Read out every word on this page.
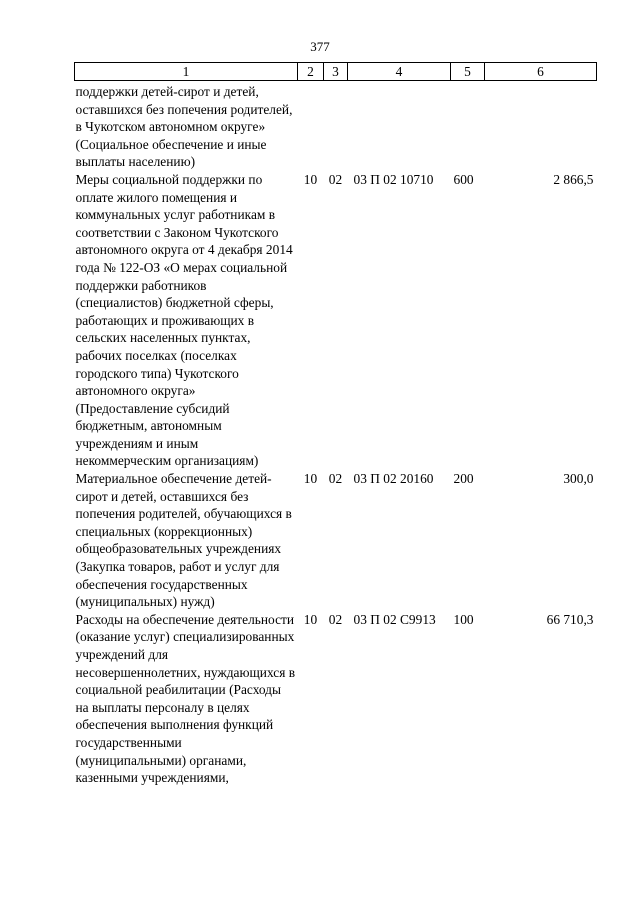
377
1	2	3	4	5	6
поддержки детей-сирот и детей, оставшихся без попечения родителей, в Чукотском автономном округе» (Социальное обеспечение и иные выплаты населению)					
Меры социальной поддержки по оплате жилого помещения и коммунальных услуг работникам в соответствии с Законом Чукотского автономного округа от 4 декабря 2014 года № 122-ОЗ «О мерах социальной поддержки работников (специалистов) бюджетной сферы, работающих и проживающих в сельских населенных пунктах, рабочих поселках (поселках городского типа) Чукотского автономного округа» (Предоставление субсидий бюджетным, автономным учреждениям и иным некоммерческим организациям)	10	02	03 П 02 10710	600	2 866,5
Материальное обеспечение детей-сирот и детей, оставшихся без попечения родителей, обучающихся в специальных (коррекционных) общеобразовательных учреждениях (Закупка товаров, работ и услуг для обеспечения государственных (муниципальных) нужд)	10	02	03 П 02 20160	200	300,0
Расходы на обеспечение деятельности (оказание услуг) специализированных учреждений для несовершеннолетних, нуждающихся в социальной реабилитации (Расходы на выплаты персоналу в целях обеспечения выполнения функций государственными (муниципальными) органами, казенными учреждениями,	10	02	03 П 02 С9913	100	66 710,3
